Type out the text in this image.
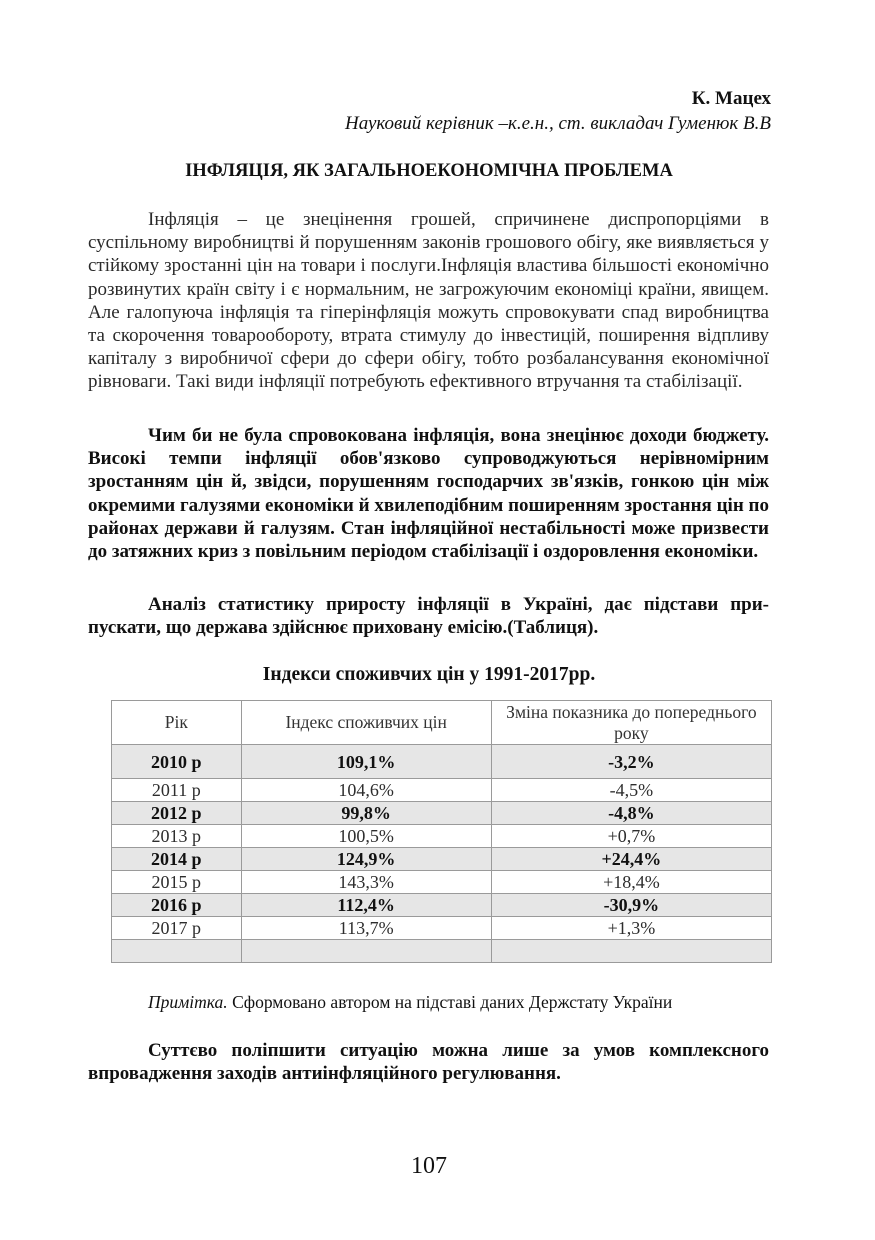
К. Мацех
Науковий керівник –к.е.н., ст. викладач Гуменюк В.В
ІНФЛЯЦІЯ, ЯК ЗАГАЛЬНОЕКОНОМІЧНА ПРОБЛЕМА

Інфляція – це знецінення грошей, спричинене диспропорціями в суспільному виробництві й порушенням законів грошового обігу, яке виявляється у стійкому зростанні цін на товари і послуги.Інфляція властива більшості економічно розвинутих країн світу і є нормальним, не загрожуючим економіці країни, явищем. Але галопуюча інфляція та гіперінфляція можуть спровокувати спад виробництва та скорочення товарообороту, втрата стимулу до інвестицій, поширення відпливу капіталу з виробничої сфери до сфери обігу, тобто розбалансування економічної рівноваги. Такі види інфляції потребують ефективного втручання та стабілізації.

Чим би не була спровокована інфляція, вона знецінює доходи бюджету. Високі темпи інфляції обов'язково супроводжуються нерівномірним зростанням цін й, звідси, порушенням господарчих зв'язків, гонкою цін між окремими галузями економіки й хвилеподібним поширенням зростання цін по районах держави й галузям. Стан інфляційної нестабільності може призвести до затяжних криз з повільним періодом стабілізації і оздоровлення економіки.

Аналіз статистику приросту інфляції в Україні, дає підстави припускати, що держава здійснює приховану емісію.(Таблиця).

Індекси споживчих цін у 1991-2017рр.
Рік	Індекс споживчих цін	Зміна показника до попереднього року
2010 р	109,1%	-3,2%
2011 р	104,6%	-4,5%
2012 р	99,8%	-4,8%
2013 р	100,5%	+0,7%
2014 р	124,9%	+24,4%
2015 р	143,3%	+18,4%
2016 р	112,4%	-30,9%
2017 р	113,7%	+1,3%

Примітка. Сформовано автором на підставі даних Держстату України

Суттєво поліпшити ситуацію можна лише за умов комплексного впровадження заходів антиінфляційного регулювання.

107
